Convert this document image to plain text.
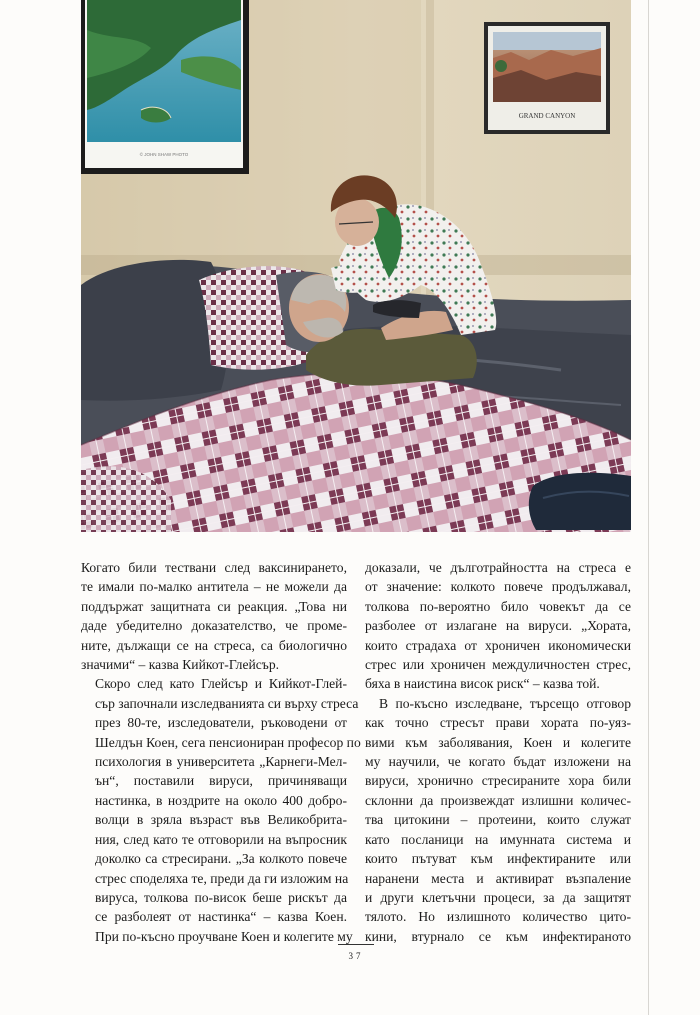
© JOHN SHAW PHOTO
GRAND CANYON

Когато били тествани след ваксинирането,
те имали по-малко антитела – не можели да
поддържат защитната си реакция. „Това ни
даде убедително доказателство, че проме-
ните, дължащи се на стреса, са биологично
значими“ – казва Кийкот-Глейсър.

Скоро след като Глейсър и Кийкот-Глей-
сър започнали изследванията си върху стреса
през 80-те, изследователи, ръководени от
Шелдън Коен, сега пенсиониран професор по
психология в университета „Карнеги-Мел-
ън“, поставили вируси, причиняващи
настинка, в ноздрите на около 400 добро-
волци в зряла възраст във Великобрита-
ния, след като те отговорили на въпросник
доколко са стресирани. „За колкото повече
стрес споделяха те, преди да ги изложим на
вируса, толкова по-висок беше рискът да
се разболеят от настинка“ – казва Коен.
При по-късно проучване Коен и колегите му

доказали, че дълготрайността на стреса е
от значение: колкото повече продължавал,
толкова по-вероятно било човекът да се
разболее от излагане на вируси. „Хората,
които страдаха от хроничен икономически
стрес или хроничен междуличностен стрес,
бяха в наистина висок риск“ – казва той.

В по-късно изследване, търсещо отговор
как точно стресът прави хората по-уяз-
вими към заболявания, Коен и колегите
му научили, че когато бъдат изложени на
вируси, хронично стресираните хора били
склонни да произвеждат излишни количес-
тва цитокини – протеини, които служат
като посланици на имунната система и
които пътуват към инфектираните или
наранени места и активират възпаление
и други клетъчни процеси, за да защитят
тялото. Но излишното количество цито-
кини, втурнало се към инфектираното

37
